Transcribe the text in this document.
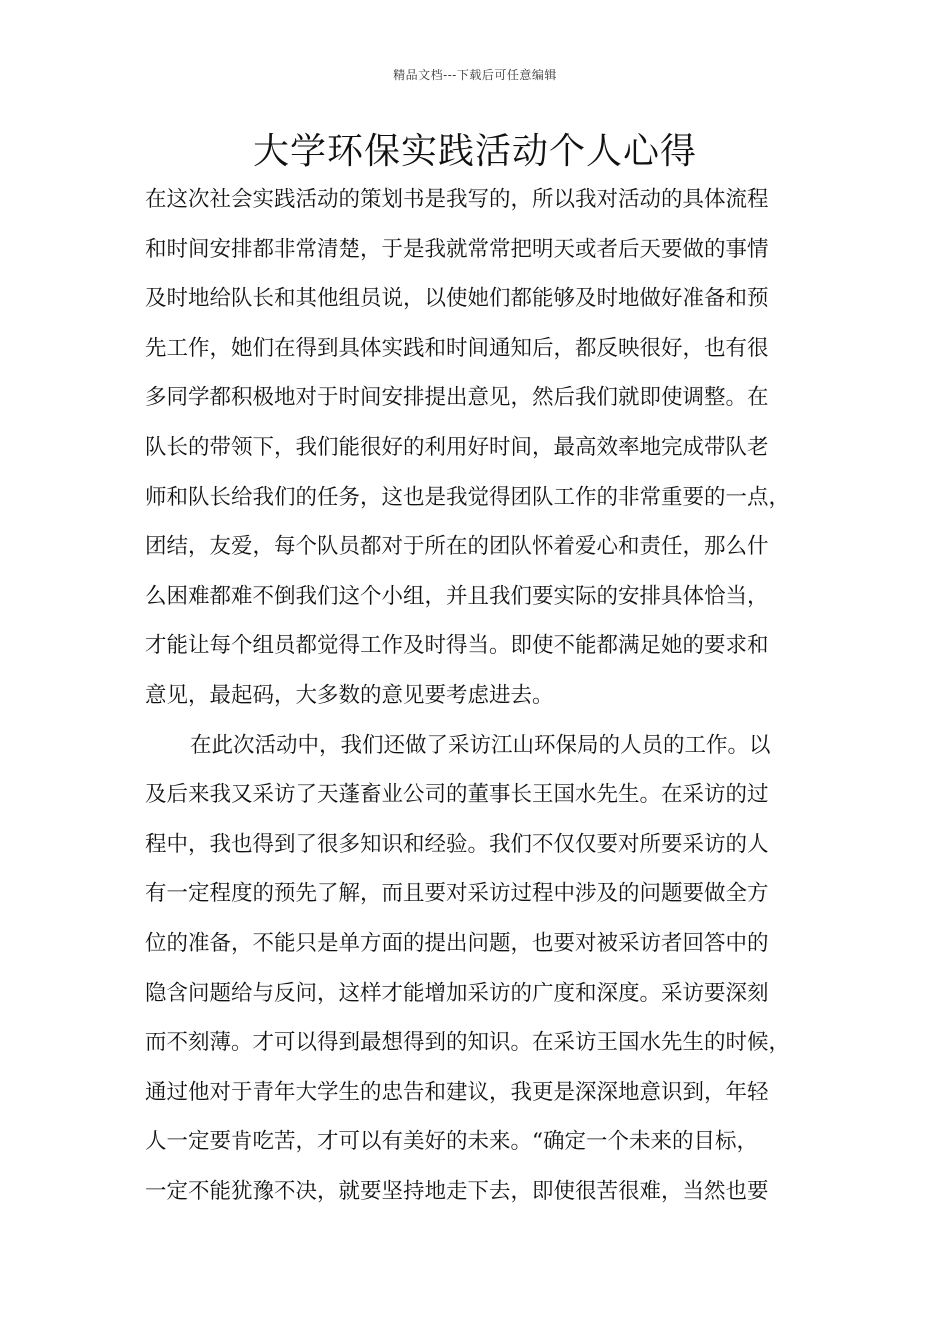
精品文档---下载后可任意编辑
大学环保实践活动个人心得
在这次社会实践活动的策划书是我写的，所以我对活动的具体流程
和时间安排都非常清楚，于是我就常常把明天或者后天要做的事情
及时地给队长和其他组员说，以使她们都能够及时地做好准备和预
先工作，她们在得到具体实践和时间通知后，都反映很好，也有很
多同学都积极地对于时间安排提出意见，然后我们就即使调整。在
队长的带领下，我们能很好的利用好时间，最高效率地完成带队老
师和队长给我们的任务，这也是我觉得团队工作的非常重要的一点，
团结，友爱，每个队员都对于所在的团队怀着爱心和责任，那么什
么困难都难不倒我们这个小组，并且我们要实际的安排具体恰当，
才能让每个组员都觉得工作及时得当。即使不能都满足她的要求和
意见，最起码，大多数的意见要考虑进去。
在此次活动中，我们还做了采访江山环保局的人员的工作。以
及后来我又采访了天蓬畜业公司的董事长王国水先生。在采访的过
程中，我也得到了很多知识和经验。我们不仅仅要对所要采访的人
有一定程度的预先了解，而且要对采访过程中涉及的问题要做全方
位的准备，不能只是单方面的提出问题，也要对被采访者回答中的
隐含问题给与反问，这样才能增加采访的广度和深度。采访要深刻
而不刻薄。才可以得到最想得到的知识。在采访王国水先生的时候，
通过他对于青年大学生的忠告和建议，我更是深深地意识到，年轻
人一定要肯吃苦，才可以有美好的未来。“确定一个未来的目标，
一定不能犹豫不决，就要坚持地走下去，即使很苦很难，当然也要
